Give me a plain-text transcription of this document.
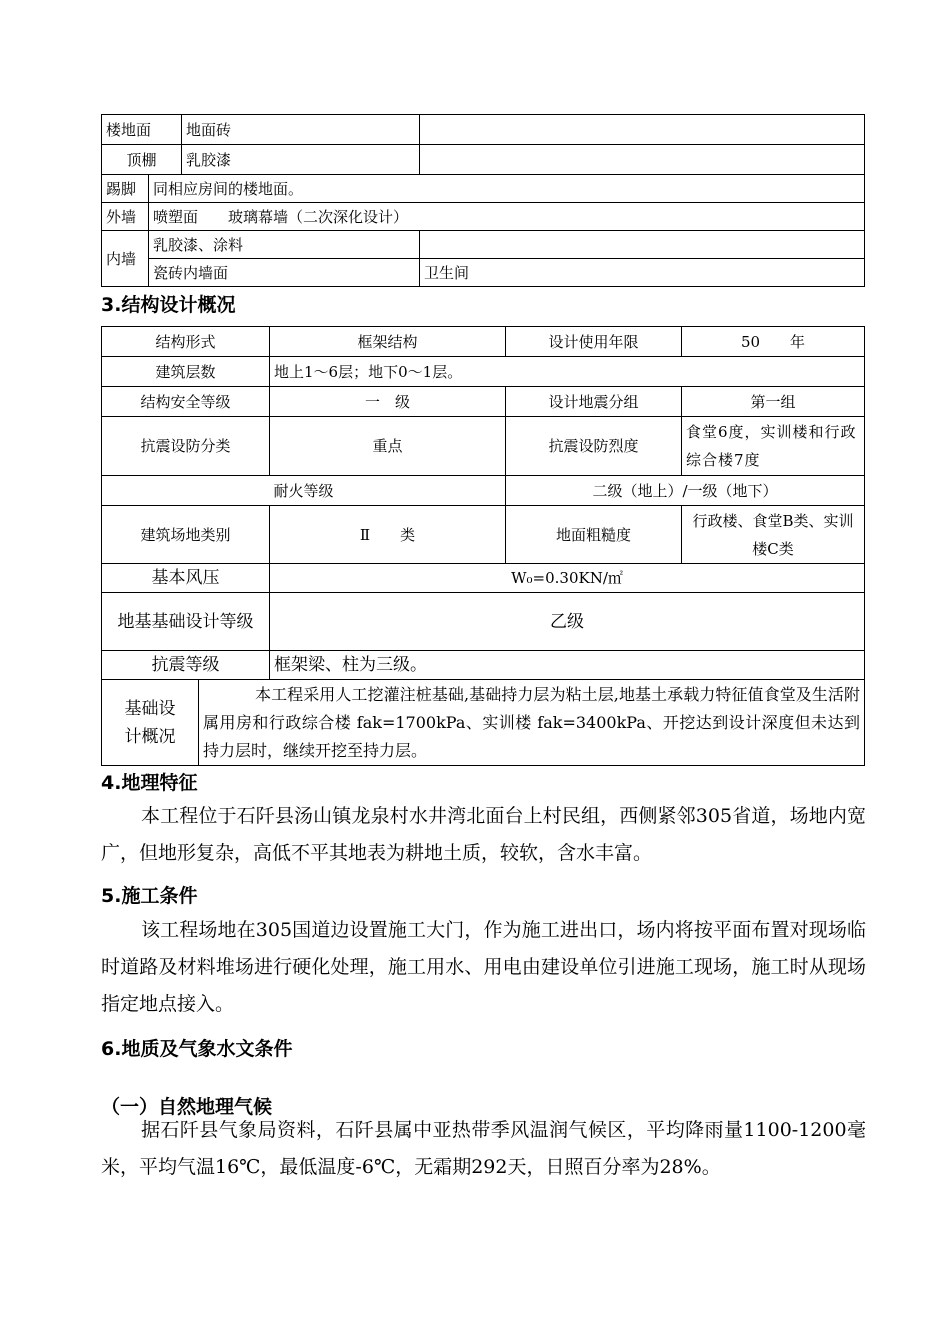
楼地面		地面砖	
顶棚		乳胶漆	
踢脚	同相应房间的楼地面。		
外墙	喷塑面　　玻璃幕墙（二次深化设计）		
内墙	乳胶漆、涂料		
	瓷砖内墙面		卫生间
3.结构设计概况
结构形式		框架结构	设计使用年限	50　　年
建筑层数		地上1～6层；地下0～1层。		
结构安全等级		一　级	设计地震分组	第一组
抗震设防分类		重点	抗震设防烈度	食堂6度，实训楼和行政综合楼7度
耐火等级			二级（地上）/一级（地下）	
建筑场地类别		Ⅱ　　类	地面粗糙度	行政楼、食堂B类、实训楼C类
基本风压		W₀=0.30KN/㎡		
地基基础设计等级		乙级		
抗震等级		框架梁、柱为三级。		
基础设计概况	本工程采用人工挖灌注桩基础,基础持力层为粘土层,地基土承载力特征值食堂及生活附属用房和行政综合楼 fak=1700kPa、实训楼 fak=3400kPa、开挖达到设计深度但未达到持力层时，继续开挖至持力层。			
4.地理特征
本工程位于石阡县汤山镇龙泉村水井湾北面台上村民组，西侧紧邻305省道，场地内宽广，但地形复杂，高低不平其地表为耕地土质，较软，含水丰富。
5.施工条件
该工程场地在305国道边设置施工大门，作为施工进出口，场内将按平面布置对现场临时道路及材料堆场进行硬化处理，施工用水、用电由建设单位引进施工现场，施工时从现场指定地点接入。
6.地质及气象水文条件
（一）自然地理气候
据石阡县气象局资料，石阡县属中亚热带季风温润气候区，平均降雨量1100-1200毫米，平均气温16℃，最低温度-6℃，无霜期292天，日照百分率为28%。
